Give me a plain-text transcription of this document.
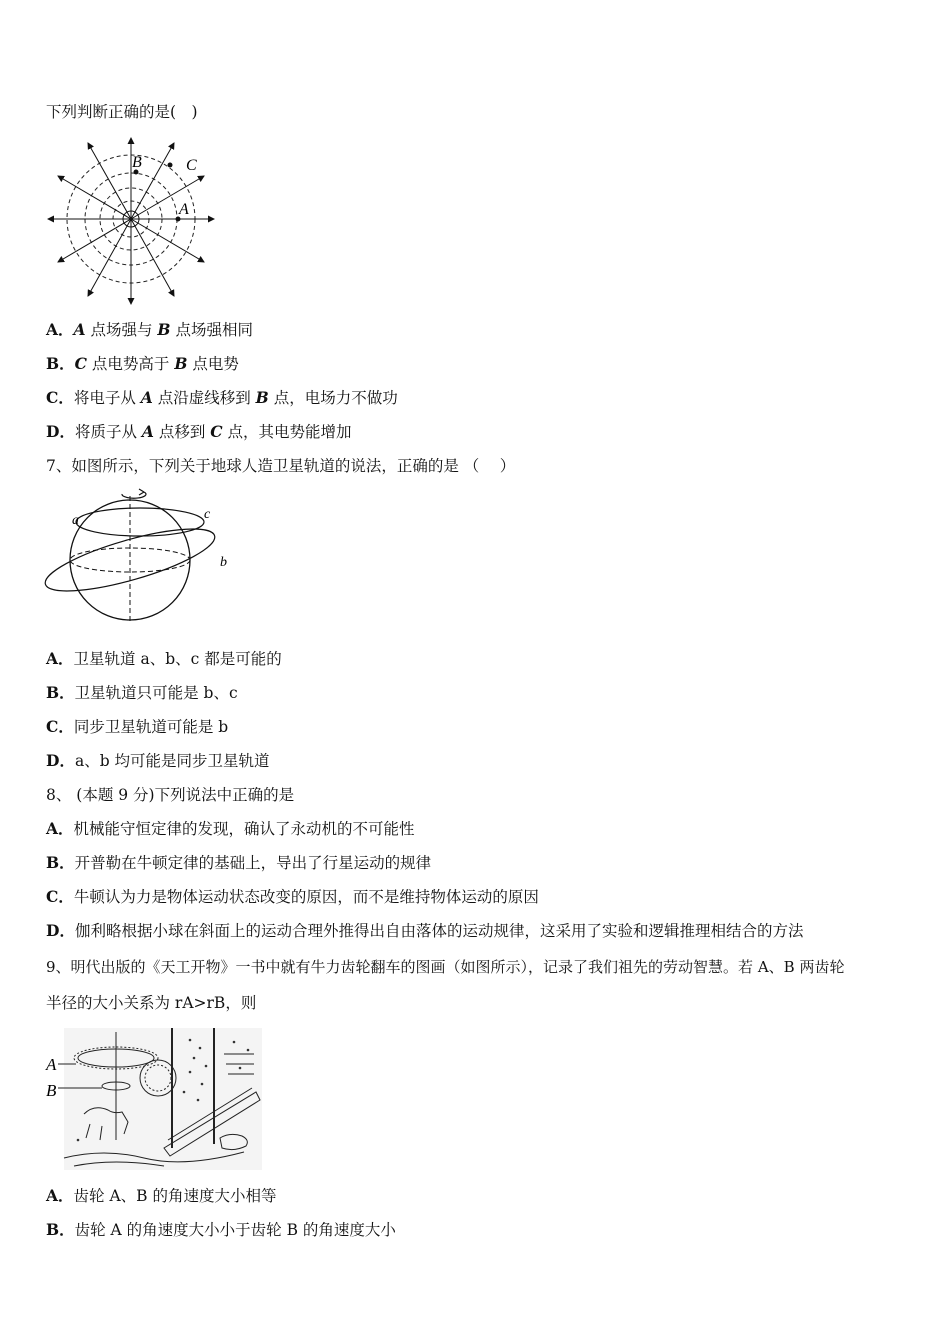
下列判断正确的是(　)
B	C
A
A．A 点场强与 B 点场强相同
B．C 点电势高于 B 点电势
C．将电子从 A 点沿虚线移到 B 点，电场力不做功
D．将质子从 A 点移到 C 点，其电势能增加
7、如图所示，下列关于地球人造卫星轨道的说法，正确的是 （　 ）
a
b
c
A．卫星轨道 a、b、c 都是可能的
B．卫星轨道只可能是 b、c
C．同步卫星轨道可能是 b
D．a、b 均可能是同步卫星轨道
8、 (本题 9 分)下列说法中正确的是
A．机械能守恒定律的发现，确认了永动机的不可能性
B．开普勒在牛顿定律的基础上，导出了行星运动的规律
C．牛顿认为力是物体运动状态改变的原因，而不是维持物体运动的原因
D．伽利略根据小球在斜面上的运动合理外推得出自由落体的运动规律，这采用了实验和逻辑推理相结合的方法
9、明代出版的《天工开物》一书中就有牛力齿轮翻车的图画（如图所示），记录了我们祖先的劳动智慧。若 A、B 两齿轮
半径的大小关系为 rA>rB，则
A
B
A．齿轮 A、B 的角速度大小相等
B．齿轮 A 的角速度大小小于齿轮 B 的角速度大小
